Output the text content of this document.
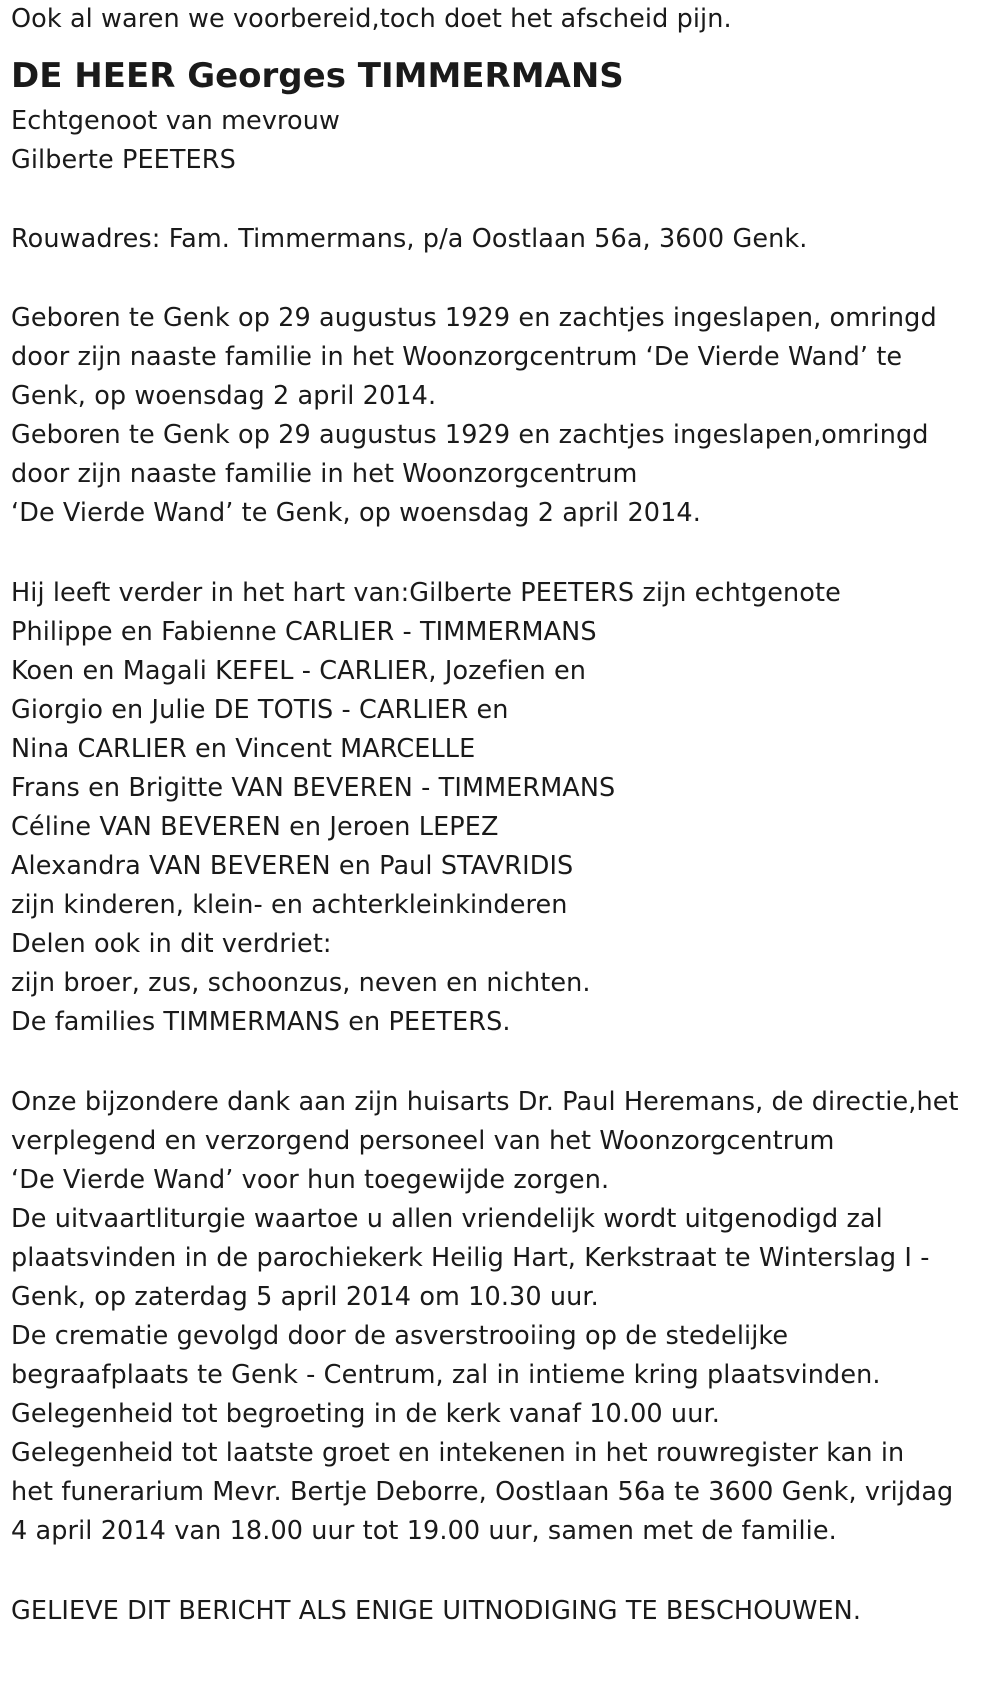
Ook al waren we voorbereid,toch doet het afscheid pijn.
DE HEER Georges TIMMERMANS
Echtgenoot van mevrouw
Gilberte PEETERS
Rouwadres: Fam. Timmermans, p/a Oostlaan 56a, 3600 Genk.
Geboren te Genk op 29 augustus 1929 en zachtjes ingeslapen, omringd
door zijn naaste familie in het Woonzorgcentrum ‘De Vierde Wand’ te
Genk, op woensdag 2 april 2014.
Geboren te Genk op 29 augustus 1929 en zachtjes ingeslapen,omringd
door zijn naaste familie in het Woonzorgcentrum
‘De Vierde Wand’ te Genk, op woensdag 2 april 2014.
Hij leeft verder in het hart van:Gilberte PEETERS zijn echtgenote
Philippe en Fabienne CARLIER - TIMMERMANS
Koen en Magali KEFEL - CARLIER, Jozefien en
Giorgio en Julie DE TOTIS - CARLIER en
Nina CARLIER en Vincent MARCELLE
Frans en Brigitte VAN BEVEREN - TIMMERMANS
Céline VAN BEVEREN en Jeroen LEPEZ
Alexandra VAN BEVEREN en Paul STAVRIDIS
zijn kinderen, klein- en achterkleinkinderen
Delen ook in dit verdriet:
zijn broer, zus, schoonzus, neven en nichten.
De families TIMMERMANS en PEETERS.
Onze bijzondere dank aan zijn huisarts Dr. Paul Heremans, de directie,het
verplegend en verzorgend personeel van het Woonzorgcentrum
‘De Vierde Wand’ voor hun toegewijde zorgen.
De uitvaartliturgie waartoe u allen vriendelijk wordt uitgenodigd zal
plaatsvinden in de parochiekerk Heilig Hart, Kerkstraat te Winterslag I -
Genk, op zaterdag 5 april 2014 om 10.30 uur.
De crematie gevolgd door de asverstrooiing op de stedelijke
begraafplaats te Genk - Centrum, zal in intieme kring plaatsvinden.
Gelegenheid tot begroeting in de kerk vanaf 10.00 uur.
Gelegenheid tot laatste groet en intekenen in het rouwregister kan in
het funerarium Mevr. Bertje Deborre, Oostlaan 56a te 3600 Genk, vrijdag
4 april 2014 van 18.00 uur tot 19.00 uur, samen met de familie.
GELIEVE DIT BERICHT ALS ENIGE UITNODIGING TE BESCHOUWEN.
